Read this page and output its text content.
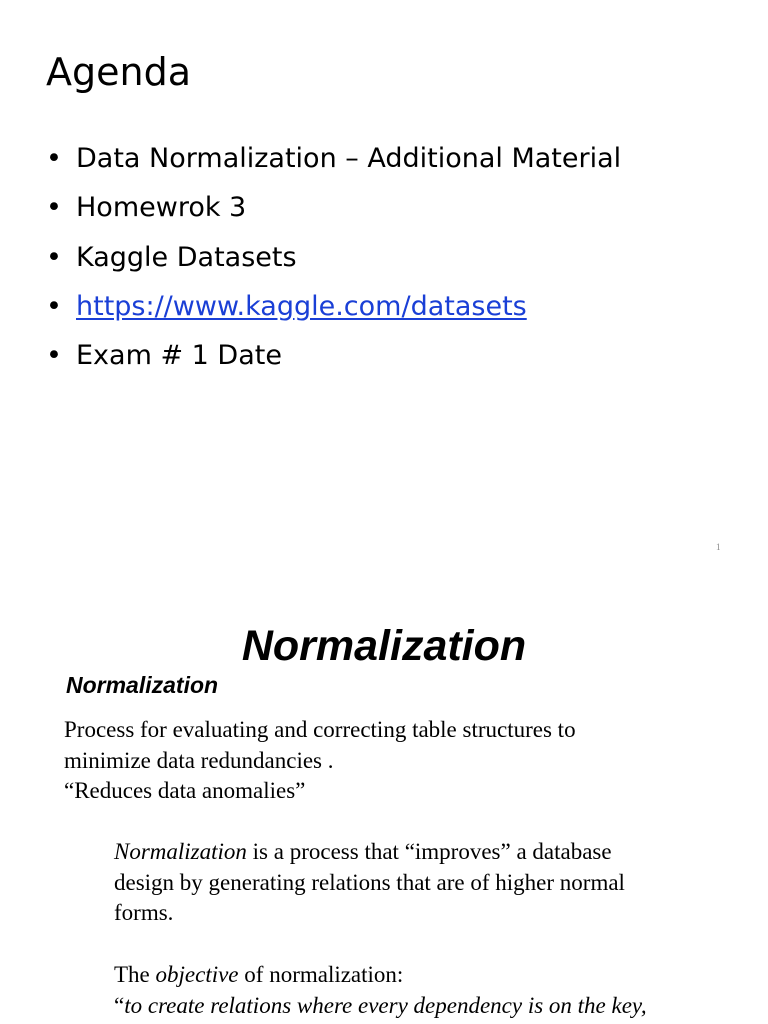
Agenda
• Data Normalization – Additional Material
• Homewrok 3
• Kaggle Datasets
• https://www.kaggle.com/datasets
• Exam # 1 Date
1
Normalization
Normalization

Process for evaluating and correcting table structures to
minimize data redundancies .
“Reduces data anomalies”

Normalization is a process that “improves” a database
design by generating relations that are of higher normal
forms.

The objective of normalization:
“to create relations where every dependency is on the key,
